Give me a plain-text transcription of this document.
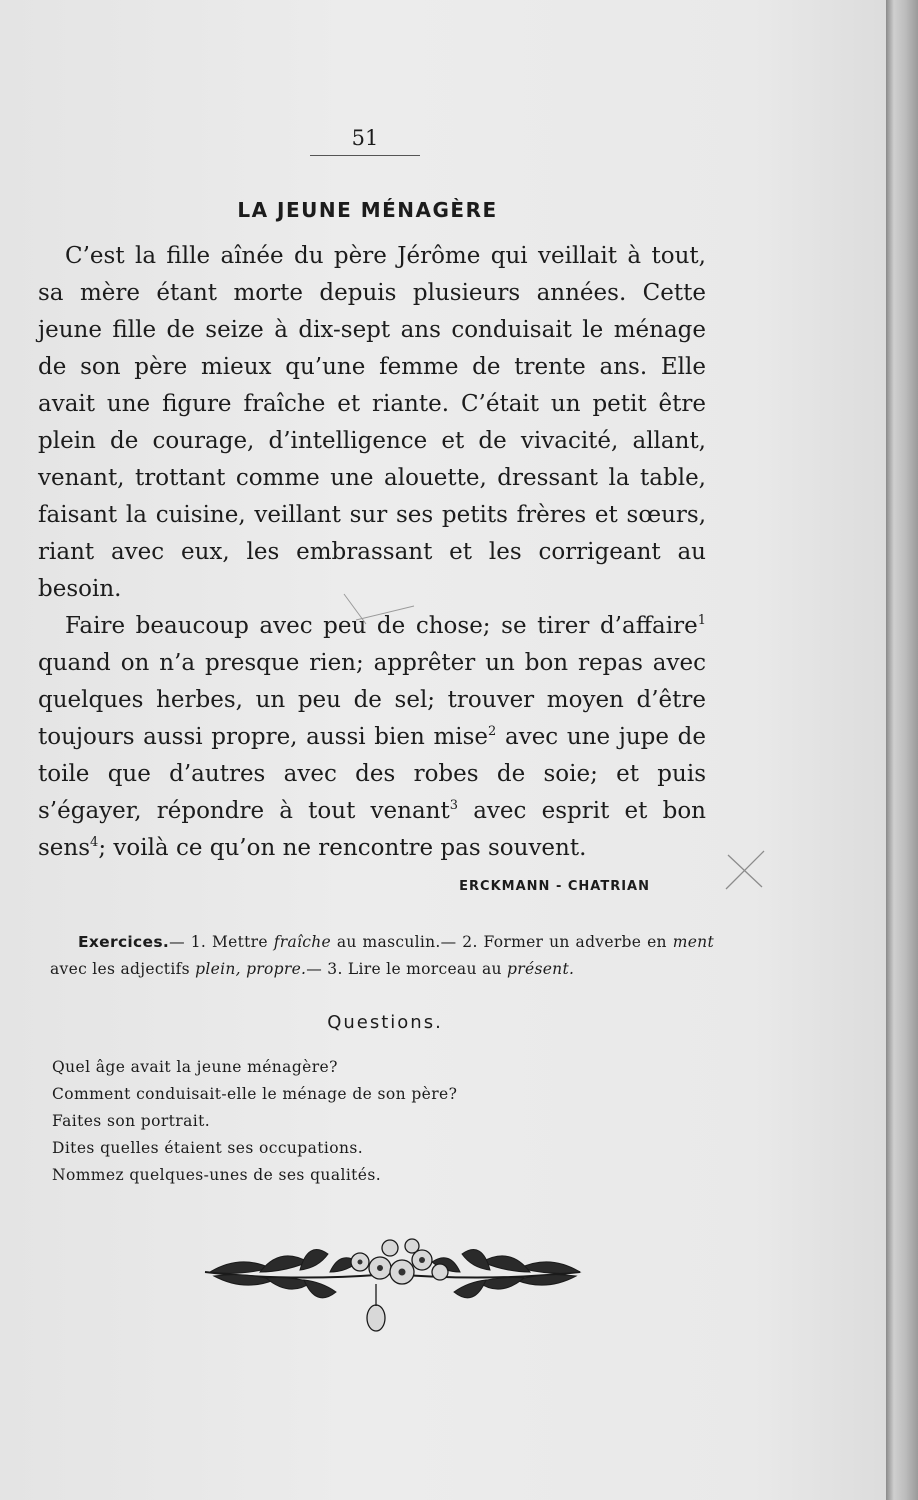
51
LA JEUNE MÉNAGÈRE

C’est la fille aînée du père Jérôme qui veillait à tout, sa mère étant morte depuis plusieurs années. Cette jeune fille de seize à dix-sept ans conduisait le ménage de son père mieux qu’une femme de trente ans. Elle avait une figure fraîche et riante. C’était un petit être plein de courage, d’intelligence et de vivacité, allant, venant, trottant comme une alouette, dressant la table, faisant la cuisine, veillant sur ses petits frères et sœurs, riant avec eux, les embrassant et les corrigeant au besoin.

Faire beaucoup avec peu de chose; se tirer d’affaire$^1$ quand on n’a presque rien; apprêter un bon repas avec quelques herbes, un peu de sel; trouver moyen d’être toujours aussi propre, aussi bien mise$^2$ avec une jupe de toile que d’autres avec des robes de soie; et puis s’égayer, répondre à tout venant$^3$ avec esprit et bon sens$^4$; voilà ce qu’on ne rencontre pas souvent.

ERCKMANN - CHATRIAN
Exercices.— 1. Mettre fraîche au masculin.— 2. Former un adverbe en ment avec les adjectifs plein, propre.— 3. Lire le morceau au présent.
Questions.
Quel âge avait la jeune ménagère?
Comment conduisait-elle le ménage de son père?
Faites son portrait.
Dites quelles étaient ses occupations.
Nommez quelques-unes de ses qualités.
